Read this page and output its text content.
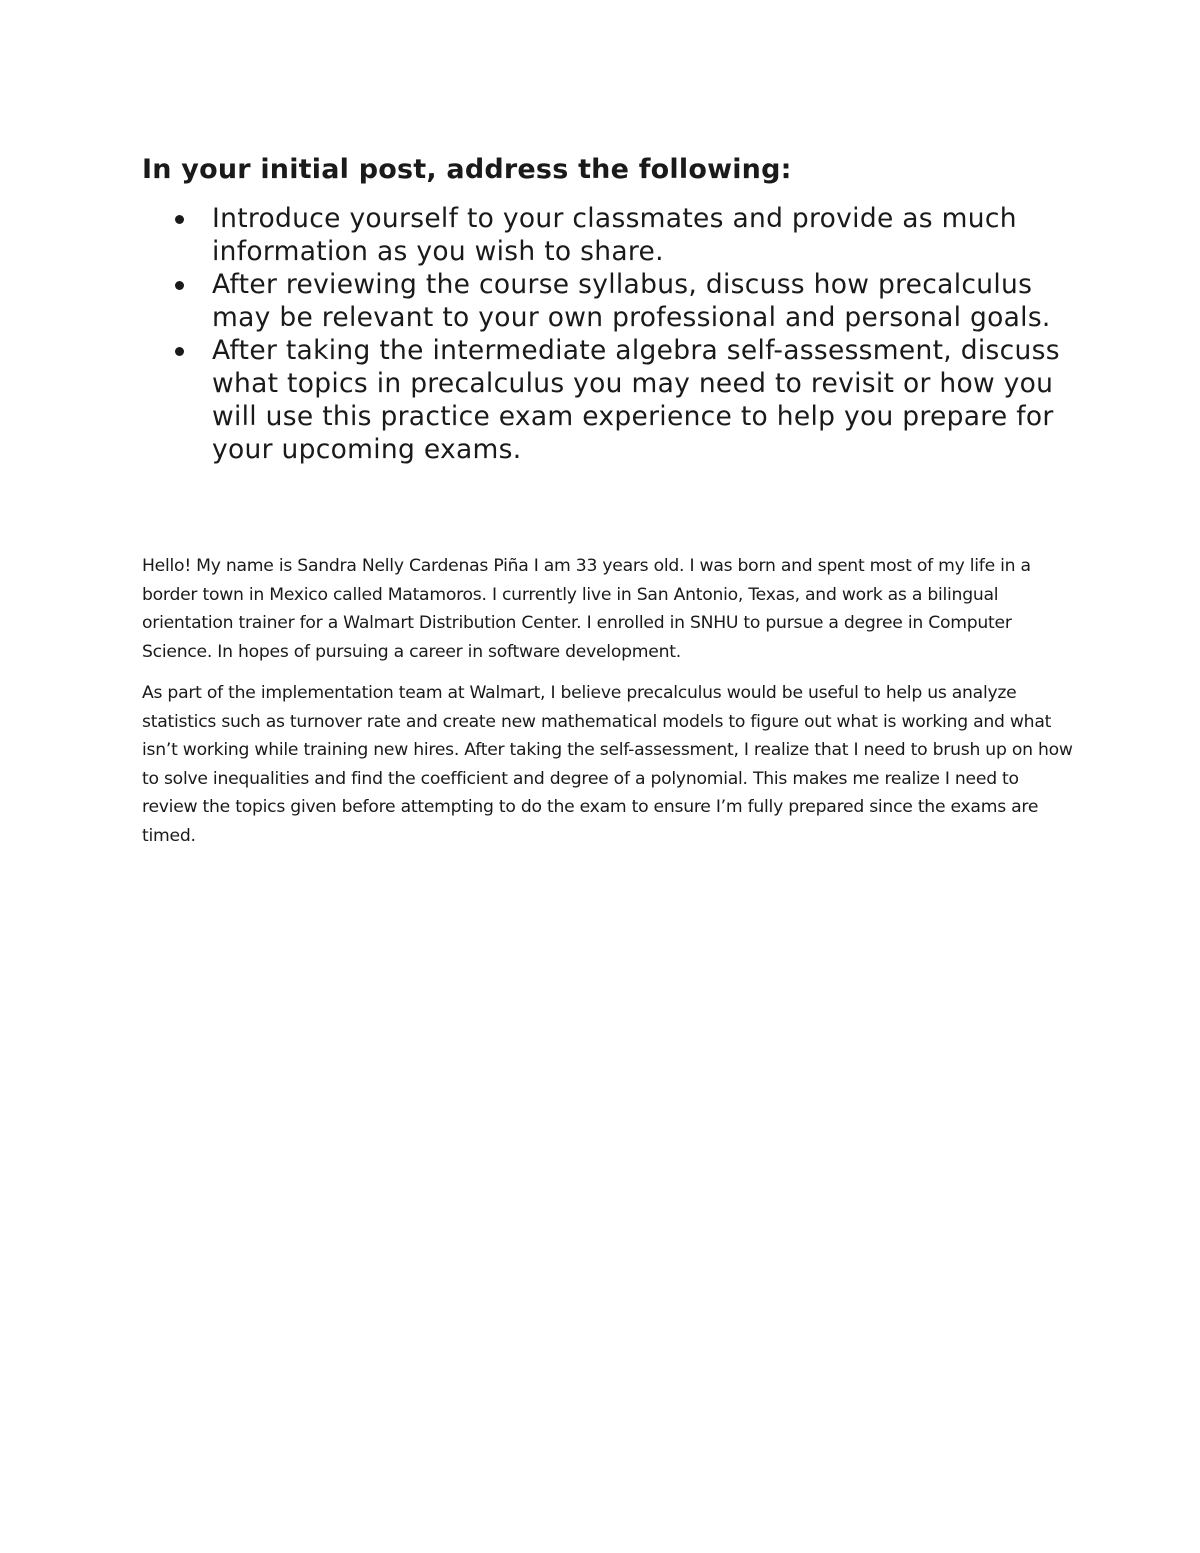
In your initial post, address the following:
Introduce yourself to your classmates and provide as much information as you wish to share.
After reviewing the course syllabus, discuss how precalculus may be relevant to your own professional and personal goals.
After taking the intermediate algebra self-assessment, discuss what topics in precalculus you may need to revisit or how you will use this practice exam experience to help you prepare for your upcoming exams.

Hello! My name is Sandra Nelly Cardenas Piña I am 33 years old. I was born and spent most of my life in a border town in Mexico called Matamoros. I currently live in San Antonio, Texas, and work as a bilingual orientation trainer for a Walmart Distribution Center. I enrolled in SNHU to pursue a degree in Computer Science. In hopes of pursuing a career in software development.

As part of the implementation team at Walmart, I believe precalculus would be useful to help us analyze statistics such as turnover rate and create new mathematical models to figure out what is working and what isn’t working while training new hires. After taking the self-assessment, I realize that I need to brush up on how to solve inequalities and find the coefficient and degree of a polynomial. This makes me realize I need to review the topics given before attempting to do the exam to ensure I’m fully prepared since the exams are timed.
